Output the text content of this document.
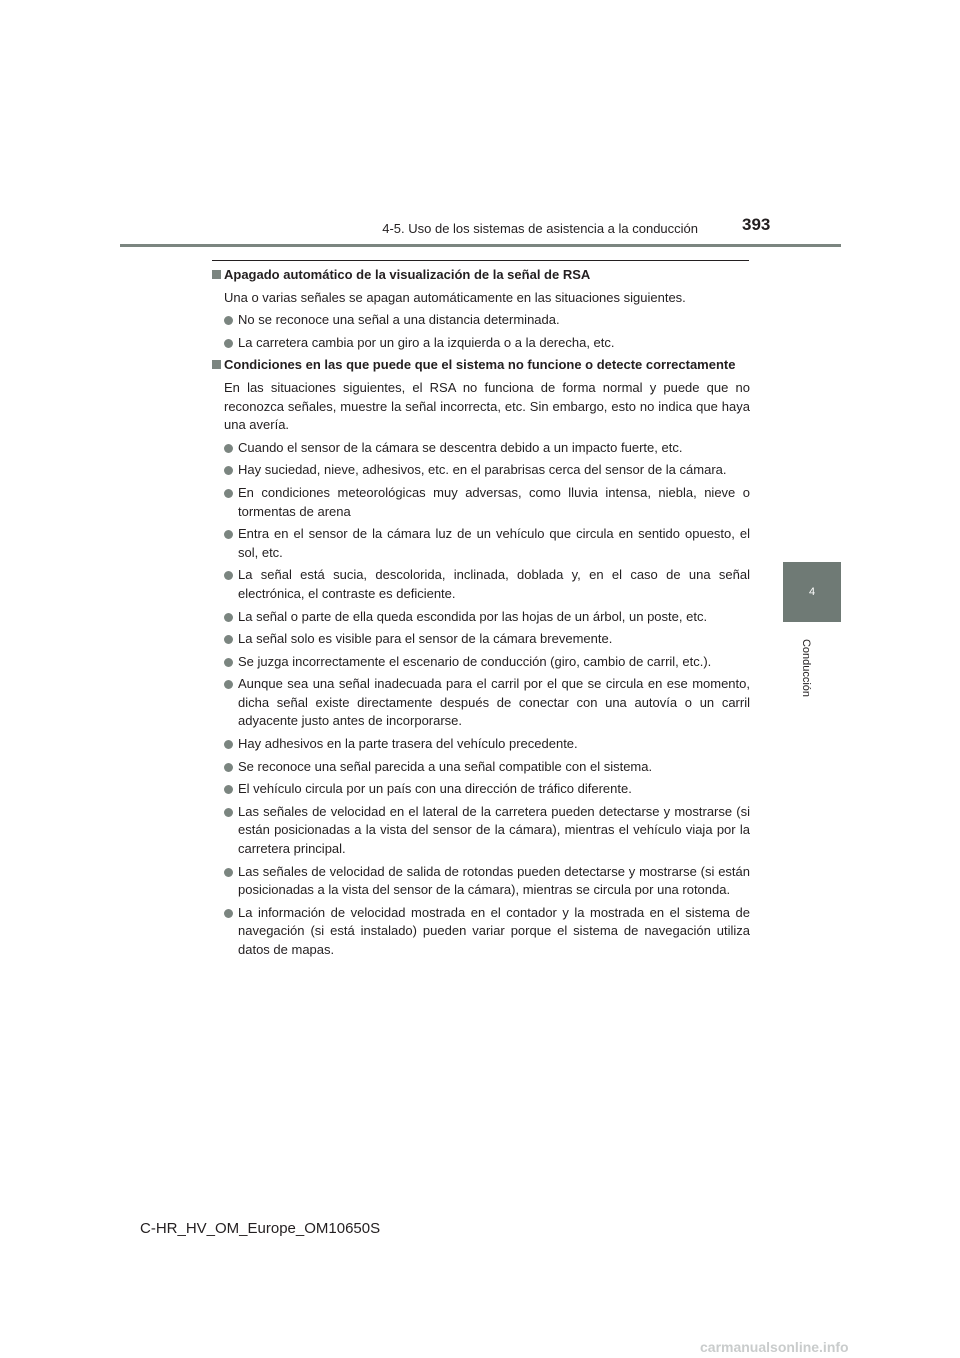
4-5. Uso de los sistemas de asistencia a la conducción	393
4
Conducción
Apagado automático de la visualización de la señal de RSA
Una o varias señales se apagan automáticamente en las situaciones siguientes.
No se reconoce una señal a una distancia determinada.
La carretera cambia por un giro a la izquierda o a la derecha, etc.
Condiciones en las que puede que el sistema no funcione o detecte correctamente
En las situaciones siguientes, el RSA no funciona de forma normal y puede que no reconozca señales, muestre la señal incorrecta, etc. Sin embargo, esto no indica que haya una avería.
Cuando el sensor de la cámara se descentra debido a un impacto fuerte, etc.
Hay suciedad, nieve, adhesivos, etc. en el parabrisas cerca del sensor de la cámara.
En condiciones meteorológicas muy adversas, como lluvia intensa, niebla, nieve o tormentas de arena
Entra en el sensor de la cámara luz de un vehículo que circula en sentido opuesto, el sol, etc.
La señal está sucia, descolorida, inclinada, doblada y, en el caso de una señal electrónica, el contraste es deficiente.
La señal o parte de ella queda escondida por las hojas de un árbol, un poste, etc.
La señal solo es visible para el sensor de la cámara brevemente.
Se juzga incorrectamente el escenario de conducción (giro, cambio de carril, etc.).
Aunque sea una señal inadecuada para el carril por el que se circula en ese momento, dicha señal existe directamente después de conectar con una autovía o un carril adyacente justo antes de incorporarse.
Hay adhesivos en la parte trasera del vehículo precedente.
Se reconoce una señal parecida a una señal compatible con el sistema.
El vehículo circula por un país con una dirección de tráfico diferente.
Las señales de velocidad en el lateral de la carretera pueden detectarse y mostrarse (si están posicionadas a la vista del sensor de la cámara), mientras el vehículo viaja por la carretera principal.
Las señales de velocidad de salida de rotondas pueden detectarse y mostrarse (si están posicionadas a la vista del sensor de la cámara), mientras se circula por una rotonda.
La información de velocidad mostrada en el contador y la mostrada en el sistema de navegación (si está instalado) pueden variar porque el sistema de navegación utiliza datos de mapas.
C-HR_HV_OM_Europe_OM10650S
carmanualsonline.info
